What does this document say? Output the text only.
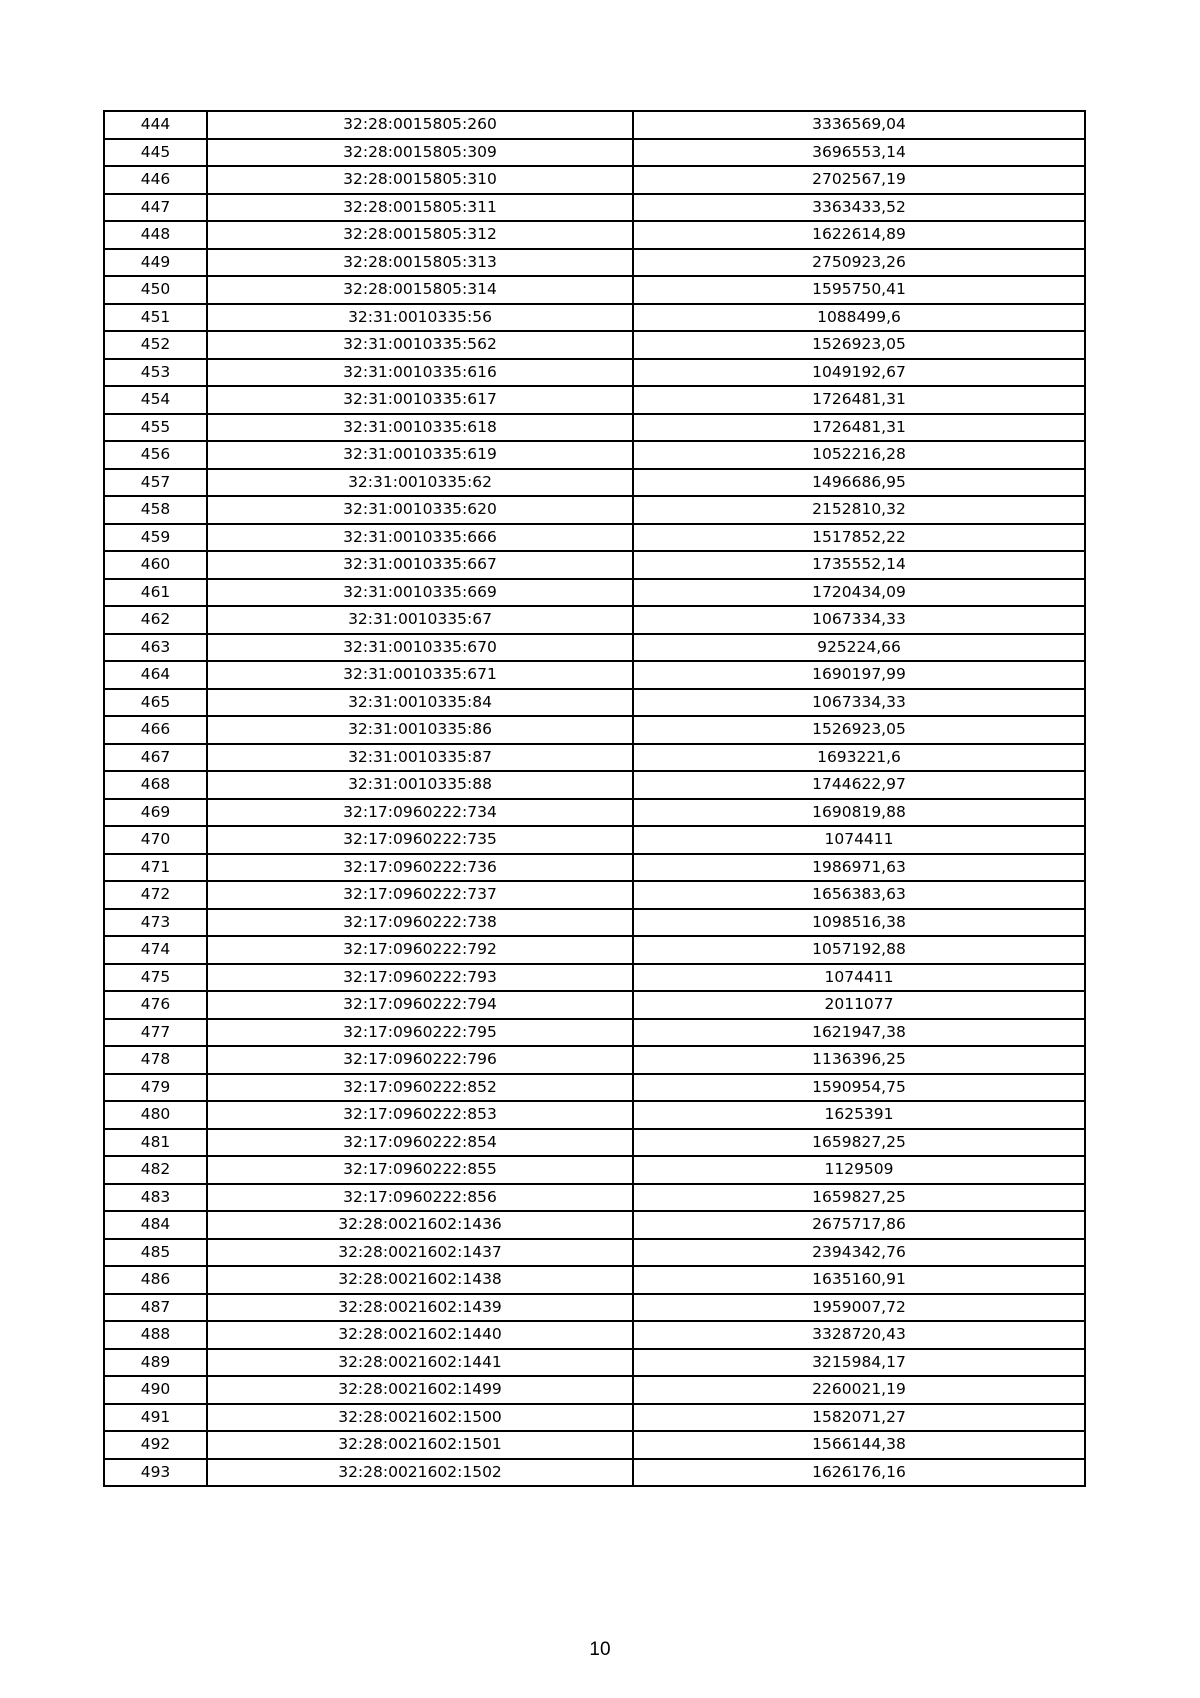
444	32:28:0015805:260	3336569,04
445	32:28:0015805:309	3696553,14
446	32:28:0015805:310	2702567,19
447	32:28:0015805:311	3363433,52
448	32:28:0015805:312	1622614,89
449	32:28:0015805:313	2750923,26
450	32:28:0015805:314	1595750,41
451	32:31:0010335:56	1088499,6
452	32:31:0010335:562	1526923,05
453	32:31:0010335:616	1049192,67
454	32:31:0010335:617	1726481,31
455	32:31:0010335:618	1726481,31
456	32:31:0010335:619	1052216,28
457	32:31:0010335:62	1496686,95
458	32:31:0010335:620	2152810,32
459	32:31:0010335:666	1517852,22
460	32:31:0010335:667	1735552,14
461	32:31:0010335:669	1720434,09
462	32:31:0010335:67	1067334,33
463	32:31:0010335:670	925224,66
464	32:31:0010335:671	1690197,99
465	32:31:0010335:84	1067334,33
466	32:31:0010335:86	1526923,05
467	32:31:0010335:87	1693221,6
468	32:31:0010335:88	1744622,97
469	32:17:0960222:734	1690819,88
470	32:17:0960222:735	1074411
471	32:17:0960222:736	1986971,63
472	32:17:0960222:737	1656383,63
473	32:17:0960222:738	1098516,38
474	32:17:0960222:792	1057192,88
475	32:17:0960222:793	1074411
476	32:17:0960222:794	2011077
477	32:17:0960222:795	1621947,38
478	32:17:0960222:796	1136396,25
479	32:17:0960222:852	1590954,75
480	32:17:0960222:853	1625391
481	32:17:0960222:854	1659827,25
482	32:17:0960222:855	1129509
483	32:17:0960222:856	1659827,25
484	32:28:0021602:1436	2675717,86
485	32:28:0021602:1437	2394342,76
486	32:28:0021602:1438	1635160,91
487	32:28:0021602:1439	1959007,72
488	32:28:0021602:1440	3328720,43
489	32:28:0021602:1441	3215984,17
490	32:28:0021602:1499	2260021,19
491	32:28:0021602:1500	1582071,27
492	32:28:0021602:1501	1566144,38
493	32:28:0021602:1502	1626176,16
10
